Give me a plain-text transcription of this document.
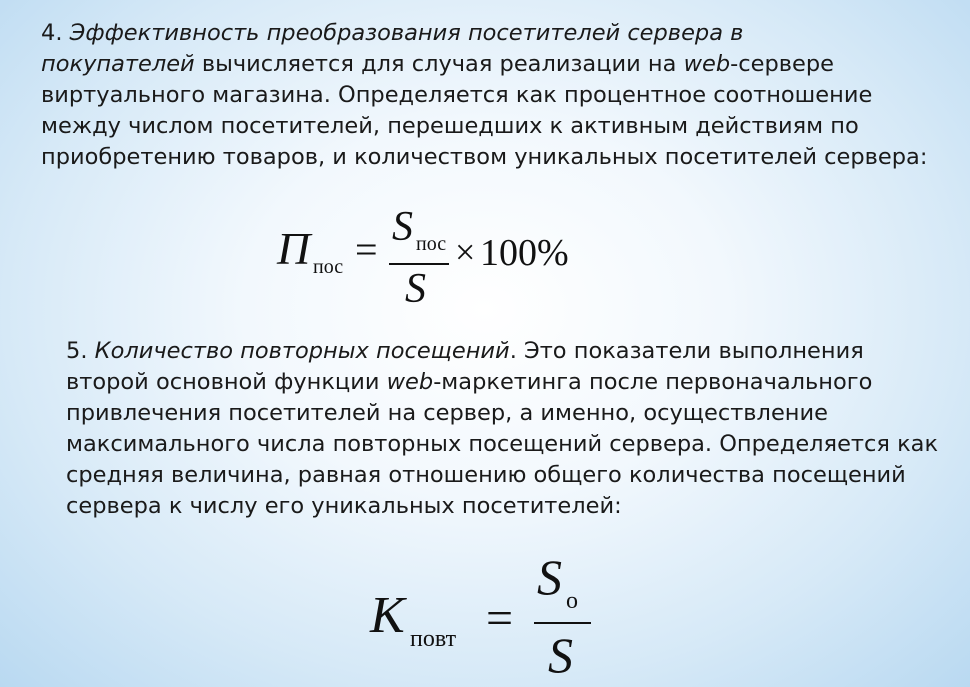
4. Эффективность преобразования посетителей сервера в
покупателей вычисляется для случая реализации на web-сервере
виртуального магазина. Определяется как процентное соотношение
между числом посетителей, перешедших к активным действиям по
приобретению товаров, и количеством уникальных посетителей сервера:

П пос = S пос
S
× 100%

5. Количество повторных посещений. Это показатели выполнения
второй основной функции web-маркетинга после первоначального
привлечения посетителей на сервер, а именно, осуществление
максимального числа повторных посещений сервера. Определяется как
средняя величина, равная отношению общего количества посещений
сервера к числу его уникальных посетителей:

К повт =
S о
S
